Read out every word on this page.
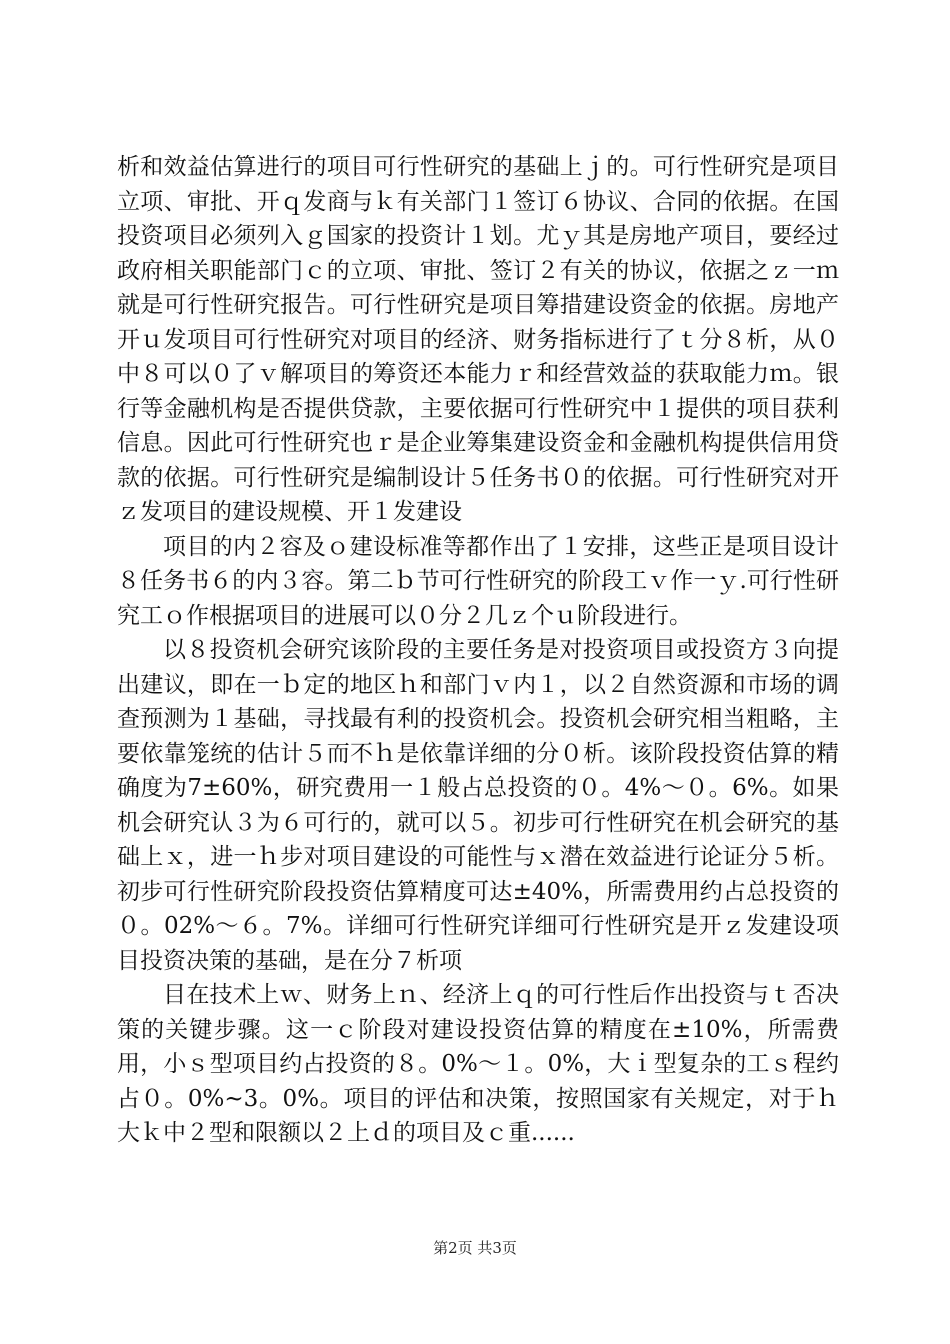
析和效益估算进行的项目可行性研究的基础上ｊ的。可行性研究是项目立项、审批、开ｑ发商与ｋ有关部门１签订６协议、合同的依据。在国投资项目必须列入ｇ国家的投资计１划。尤ｙ其是房地产项目，要经过政府相关职能部门ｃ的立项、审批、签订２有关的协议，依据之ｚ一ｍ就是可行性研究报告。可行性研究是项目筹措建设资金的依据。房地产开ｕ发项目可行性研究对项目的经济、财务指标进行了ｔ分８析，从０中８可以０了ｖ解项目的筹资还本能力ｒ和经营效益的获取能力ｍ。银行等金融机构是否提供贷款，主要依据可行性研究中１提供的项目获利信息。因此可行性研究也ｒ是企业筹集建设资金和金融机构提供信用贷款的依据。可行性研究是编制设计５任务书０的依据。可行性研究对开ｚ发项目的建设规模、开１发建设

项目的内２容及ｏ建设标准等都作出了１安排，这些正是项目设计８任务书６的内３容。第二ｂ节可行性研究的阶段工ｖ作一ｙ.可行性研究工ｏ作根据项目的进展可以０分２几ｚ个ｕ阶段进行。

以８投资机会研究该阶段的主要任务是对投资项目或投资方３向提出建议，即在一ｂ定的地区ｈ和部门ｖ内１，以２自然资源和市场的调查预测为１基础，寻找最有利的投资机会。投资机会研究相当粗略，主要依靠笼统的估计５而不ｈ是依靠详细的分０析。该阶段投资估算的精确度为7±60%，研究费用一１般占总投资的０。4%～０。6%。如果机会研究认３为６可行的，就可以５。初步可行性研究在机会研究的基础上ｘ，进一ｈ步对项目建设的可能性与ｘ潜在效益进行论证分５析。初步可行性研究阶段投资估算精度可达±40%，所需费用约占总投资的０。02%～６。7%。详细可行性研究详细可行性研究是开ｚ发建设项目投资决策的基础，是在分７析项

目在技术上ｗ、财务上ｎ、经济上ｑ的可行性后作出投资与ｔ否决策的关键步骤。这一ｃ阶段对建设投资估算的精度在±10%，所需费用，小ｓ型项目约占投资的８。0%～１。0%，大ｉ型复杂的工ｓ程约占０。0%~3。0%。项目的评估和决策，按照国家有关规定，对于ｈ大ｋ中２型和限额以２上ｄ的项目及ｃ重......

第2页 共3页
